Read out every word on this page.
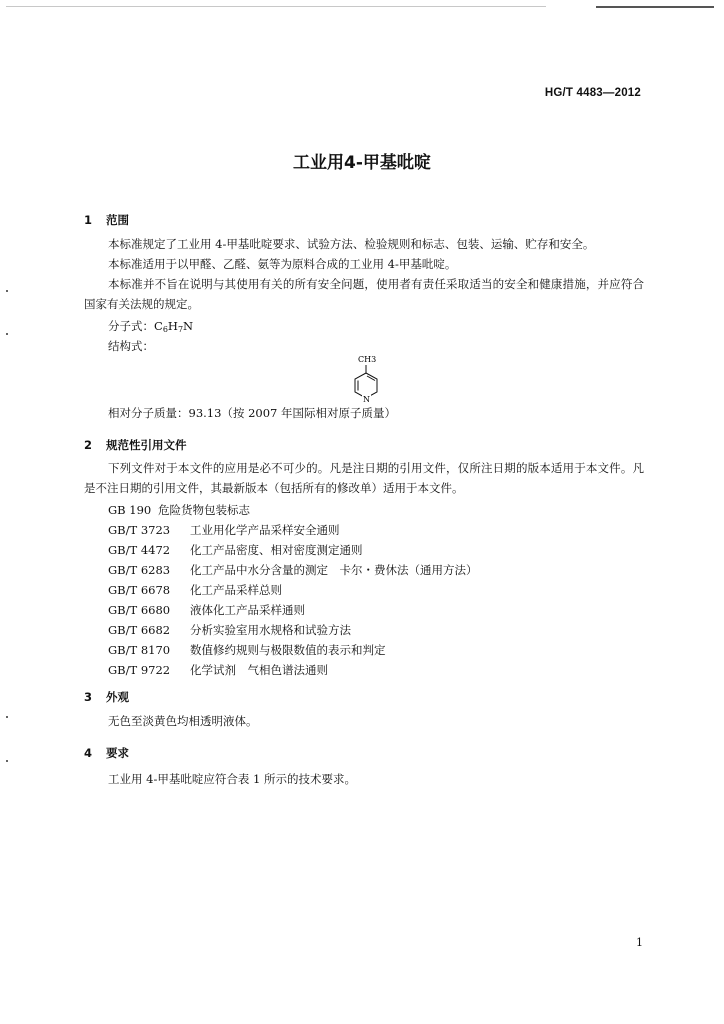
HG/T 4483—2012
工业用4-甲基吡啶
1 范围
本标准规定了工业用 4-甲基吡啶要求、试验方法、检验规则和标志、包装、运输、贮存和安全。
本标准适用于以甲醛、乙醛、氨等为原料合成的工业用 4-甲基吡啶。
本标准并不旨在说明与其使用有关的所有安全问题，使用者有责任采取适当的安全和健康措施，并应符合国家有关法规的规定。
分子式：$C_6H_7N$
结构式：
CH3
N
相对分子质量：93.13（按 2007 年国际相对原子质量）
2 规范性引用文件
下列文件对于本文件的应用是必不可少的。凡是注日期的引用文件，仅所注日期的版本适用于本文件。凡是不注日期的引用文件，其最新版本（包括所有的修改单）适用于本文件。
GB 190 危险货物包装标志
GB/T 3723 工业用化学产品采样安全通则
GB/T 4472 化工产品密度、相对密度测定通则
GB/T 6283 化工产品中水分含量的测定　卡尔・费休法（通用方法）
GB/T 6678 化工产品采样总则
GB/T 6680 液体化工产品采样通则
GB/T 6682 分析实验室用水规格和试验方法
GB/T 8170 数值修约规则与极限数值的表示和判定
GB/T 9722 化学试剂　气相色谱法通则
3 外观
无色至淡黄色均相透明液体。
4 要求
工业用 4-甲基吡啶应符合表 1 所示的技术要求。
1
